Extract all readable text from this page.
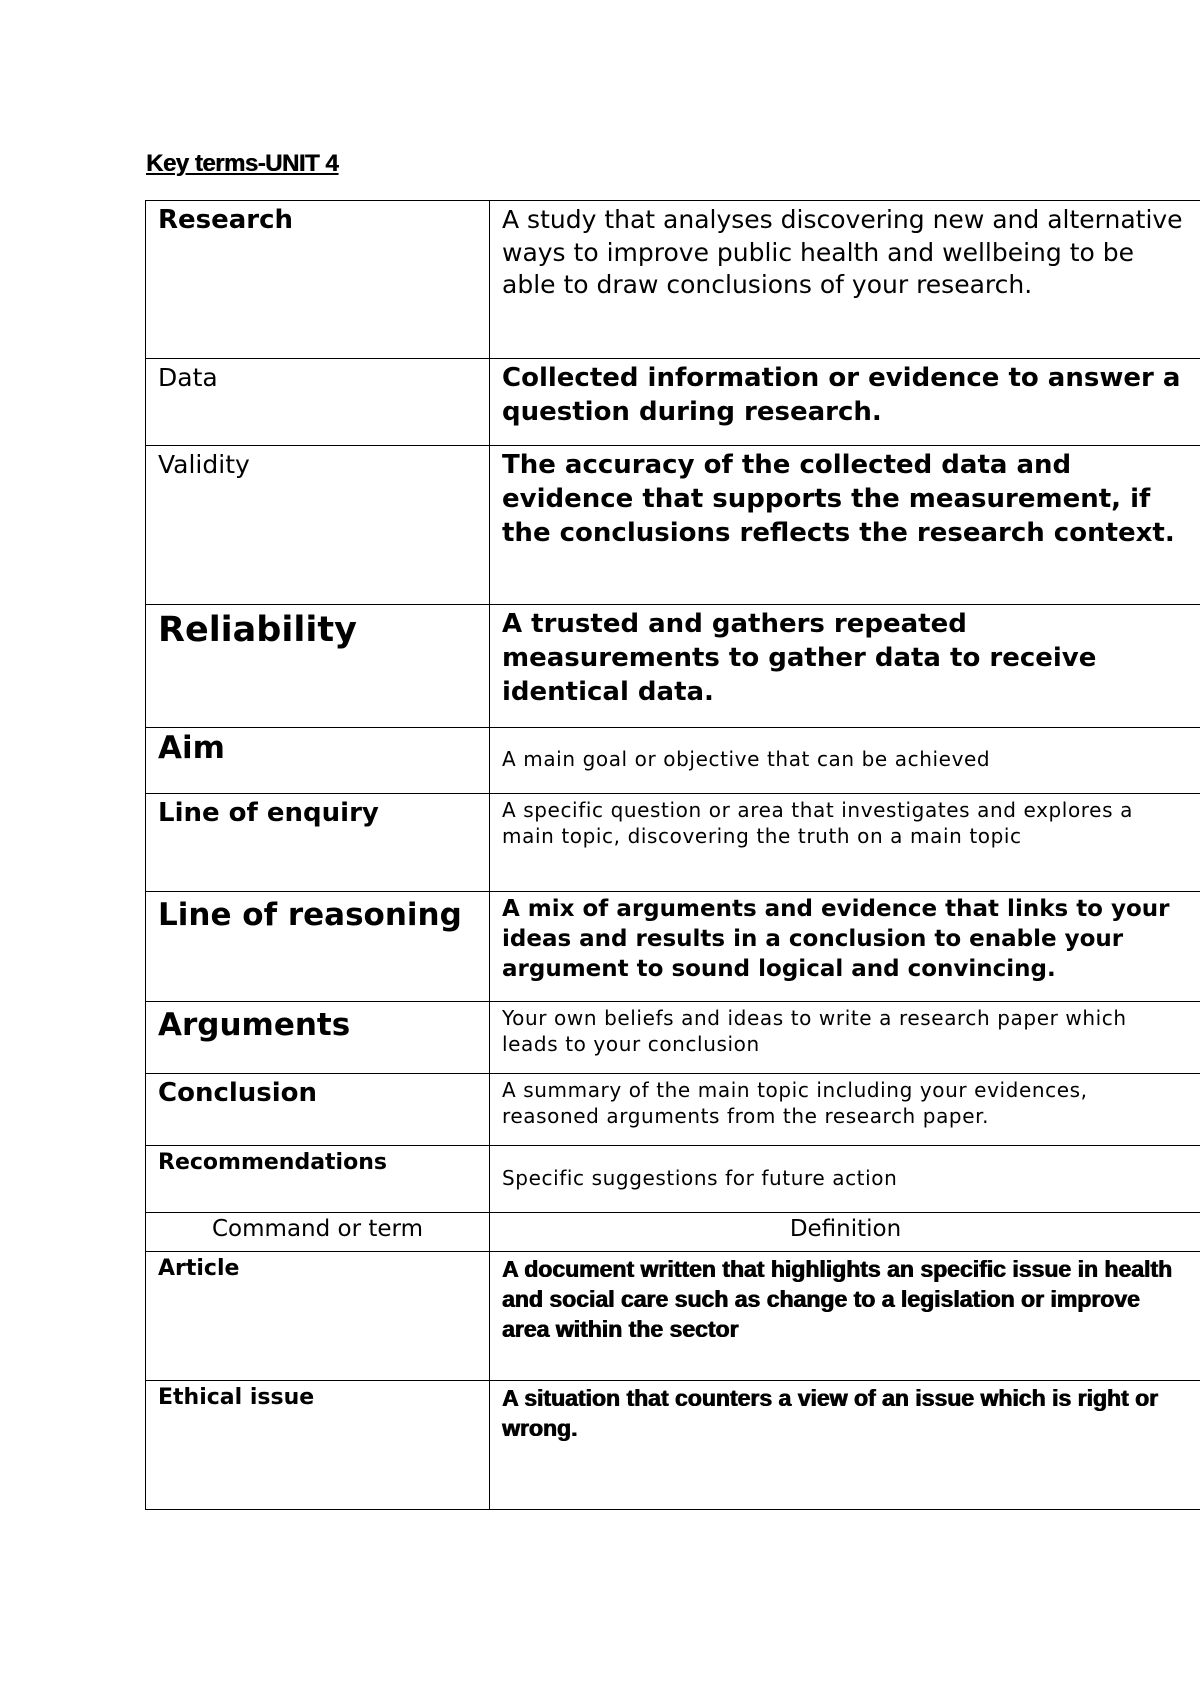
Key terms-UNIT 4
Research	A study that analyses discovering new and alternative ways to improve public health and wellbeing to be able to draw conclusions of your research.
Data	Collected information or evidence to answer a question during research.
Validity	The accuracy of the collected data and evidence that supports the measurement, if the conclusions reflects the research context.
Reliability	A trusted and gathers repeated measurements to gather data to receive identical data.
Aim	A main goal or objective that can be achieved
Line of enquiry	A specific question or area that investigates and explores a main topic, discovering the truth on a main topic
Line of reasoning	A mix of arguments and evidence that links to your ideas and results in a conclusion to enable your argument to sound logical and convincing.
Arguments	Your own beliefs and ideas to write a research paper which leads to your conclusion
Conclusion	A summary of the main topic including your evidences, reasoned arguments from the research paper.
Recommendations	Specific suggestions for future action
Command or term	Definition
Article	A document written that highlights an specific issue in health and social care such as change to a legislation or improve area within the sector
Ethical issue	A situation that counters a view of an issue which is right or
wrong.
